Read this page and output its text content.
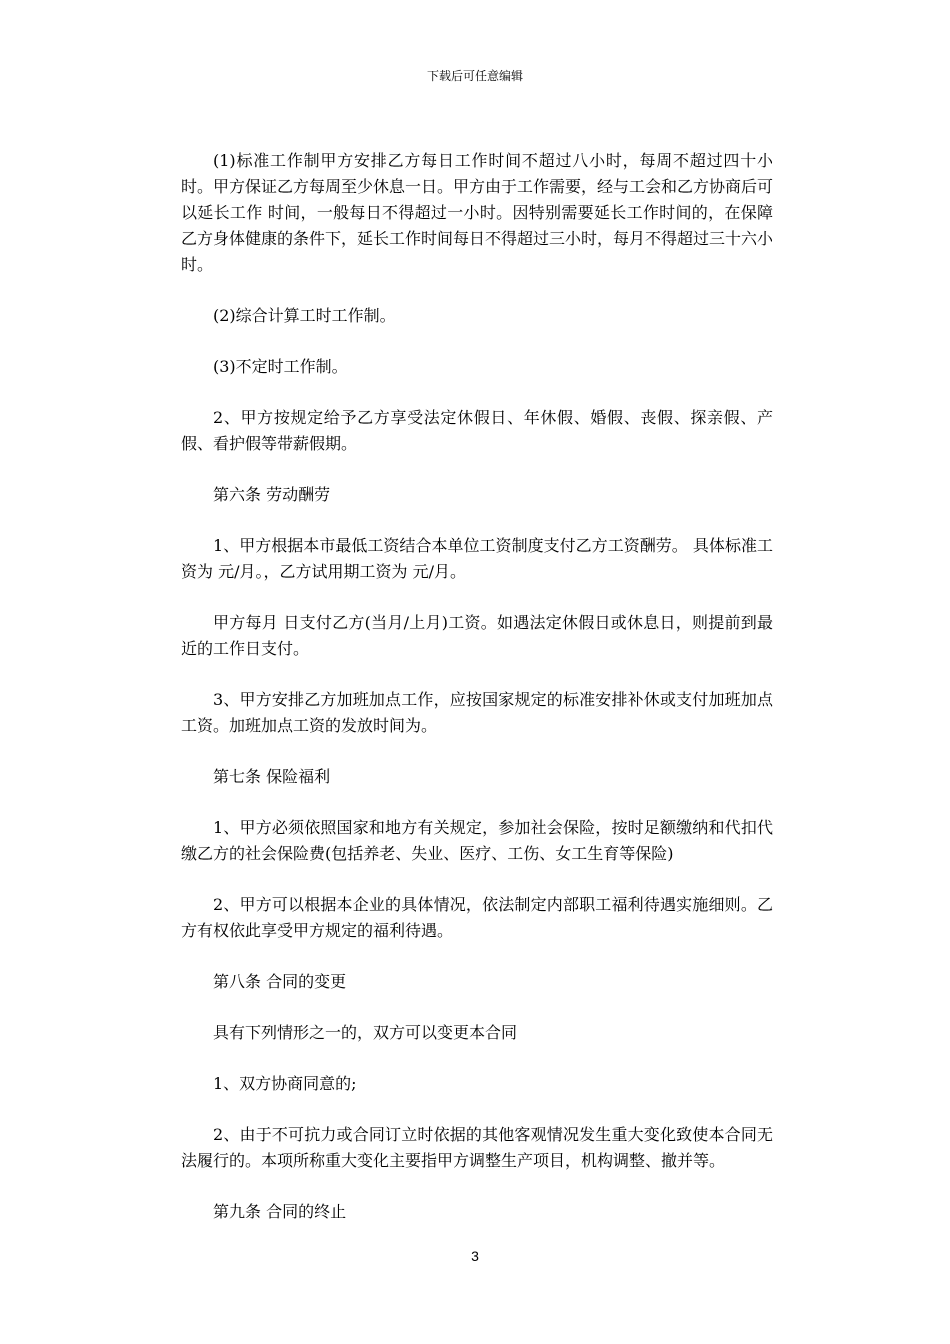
下载后可任意编辑

(1)标准工作制甲方安排乙方每日工作时间不超过八小时，每周不超过四十小时。甲方保证乙方每周至少休息一日。甲方由于工作需要，经与工会和乙方协商后可以延长工作 时间，一般每日不得超过一小时。因特别需要延长工作时间的，在保障乙方身体健康的条件下，延长工作时间每日不得超过三小时，每月不得超过三十六小时。

(2)综合计算工时工作制。

(3)不定时工作制。

2、甲方按规定给予乙方享受法定休假日、年休假、婚假、丧假、探亲假、产假、看护假等带薪假期。

第六条 劳动酬劳

1、甲方根据本市最低工资结合本单位工资制度支付乙方工资酬劳。 具体标准工资为 元/月。，乙方试用期工资为 元/月。

甲方每月 日支付乙方(当月/上月)工资。如遇法定休假日或休息日，则提前到最近的工作日支付。

3、甲方安排乙方加班加点工作，应按国家规定的标准安排补休或支付加班加点工资。加班加点工资的发放时间为。

第七条 保险福利

1、甲方必须依照国家和地方有关规定，参加社会保险，按时足额缴纳和代扣代缴乙方的社会保险费(包括养老、失业、医疗、工伤、女工生育等保险)

2、甲方可以根据本企业的具体情况，依法制定内部职工福利待遇实施细则。乙方有权依此享受甲方规定的福利待遇。

第八条 合同的变更

具有下列情形之一的，双方可以变更本合同

1、双方协商同意的;

2、由于不可抗力或合同订立时依据的其他客观情况发生重大变化致使本合同无法履行的。本项所称重大变化主要指甲方调整生产项目，机构调整、撤并等。

第九条 合同的终止

3
